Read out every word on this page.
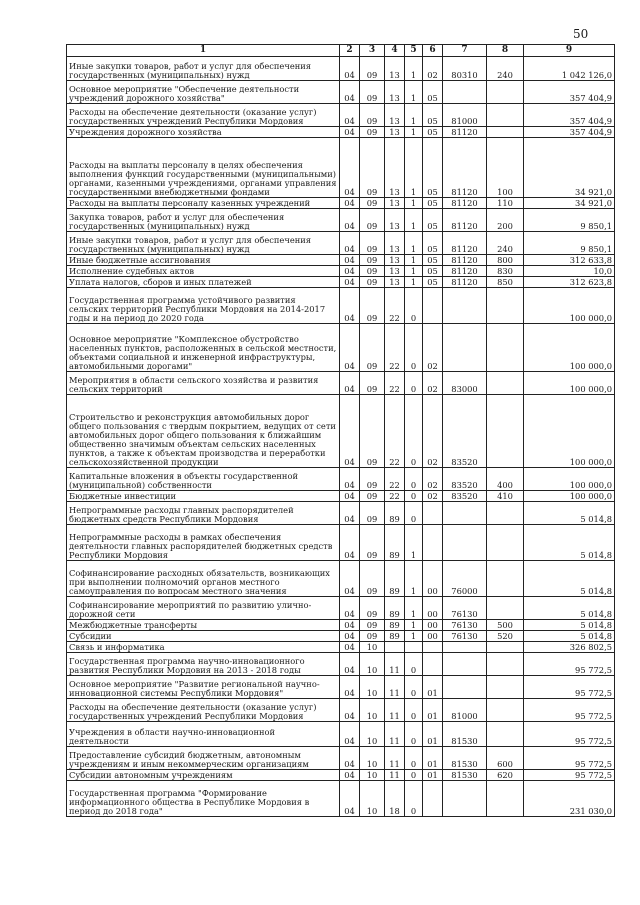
50
1	2	3	4	5	6	7	8	9
Иные закупки товаров, работ и услуг для обеспечения государственных (муниципальных) нужд	04	09	13	1	02	80310	240	1 042 126,0
Основное мероприятие "Обеспечение деятельности учреждений дорожного хозяйства"	04	09	13	1	05			357 404,9
Расходы на обеспечение деятельности (оказание услуг) государственных учреждений Республики Мордовия	04	09	13	1	05	81000		357 404,9
Учреждения дорожного хозяйства	04	09	13	1	05	81120		357 404,9
Расходы на выплаты персоналу в целях обеспечения выполнения функций государственными (муниципальными) органами, казенными учреждениями, органами управления государственными внебюджетными фондами	04	09	13	1	05	81120	100	34 921,0
Расходы на выплаты персоналу казенных учреждений	04	09	13	1	05	81120	110	34 921,0
Закупка товаров, работ и услуг для обеспечения государственных (муниципальных) нужд	04	09	13	1	05	81120	200	9 850,1
Иные закупки товаров, работ и услуг для обеспечения государственных (муниципальных) нужд	04	09	13	1	05	81120	240	9 850,1
Иные бюджетные ассигнования	04	09	13	1	05	81120	800	312 633,8
Исполнение судебных актов	04	09	13	1	05	81120	830	10,0
Уплата налогов, сборов и иных платежей	04	09	13	1	05	81120	850	312 623,8
Государственная программа устойчивого развития сельских территорий Республики Мордовия на 2014-2017 годы и на период до 2020 года	04	09	22	0				100 000,0
Основное мероприятие "Комплексное обустройство населенных пунктов, расположенных в сельской местности, объектами социальной и инженерной инфраструктуры, автомобильными дорогами"	04	09	22	0	02			100 000,0
Мероприятия в области сельского хозяйства и развития сельских территорий	04	09	22	0	02	83000		100 000,0
Строительство и реконструкция автомобильных дорог общего пользования с твердым покрытием, ведущих от сети автомобильных дорог общего пользования к ближайшим общественно значимым объектам сельских населенных пунктов, а также к объектам производства и переработки сельскохозяйственной продукции	04	09	22	0	02	83520		100 000,0
Капитальные вложения в объекты государственной (муниципальной) собственности	04	09	22	0	02	83520	400	100 000,0
Бюджетные инвестиции	04	09	22	0	02	83520	410	100 000,0
Непрограммные расходы главных распорядителей бюджетных средств Республики Мордовия	04	09	89	0				5 014,8
Непрограммные расходы в рамках обеспечения деятельности главных распорядителей бюджетных средств Республики Мордовия	04	09	89	1				5 014,8
Софинансирование расходных обязательств, возникающих при выполнении полномочий органов местного самоуправления по вопросам местного значения	04	09	89	1	00	76000		5 014,8
Софинансирование мероприятий по развитию улично-дорожной сети	04	09	89	1	00	76130		5 014,8
Межбюджетные трансферты	04	09	89	1	00	76130	500	5 014,8
Субсидии	04	09	89	1	00	76130	520	5 014,8
Связь и информатика	04	10						326 802,5
Государственная программа научно-инновационного развития Республики Мордовия на 2013 - 2018 годы	04	10	11	0				95 772,5
Основное мероприятие "Развитие региональной научно-инновационной системы Республики Мордовия"	04	10	11	0	01			95 772,5
Расходы на обеспечение деятельности (оказание услуг) государственных учреждений Республики Мордовия	04	10	11	0	01	81000		95 772,5
Учреждения в области научно-инновационной деятельности	04	10	11	0	01	81530		95 772,5
Предоставление субсидий бюджетным, автономным учреждениям и иным некоммерческим организациям	04	10	11	0	01	81530	600	95 772,5
Субсидии автономным учреждениям	04	10	11	0	01	81530	620	95 772,5
Государственная программа "Формирование информационного общества в Республике Мордовия в период до 2018 года"	04	10	18	0				231 030,0
